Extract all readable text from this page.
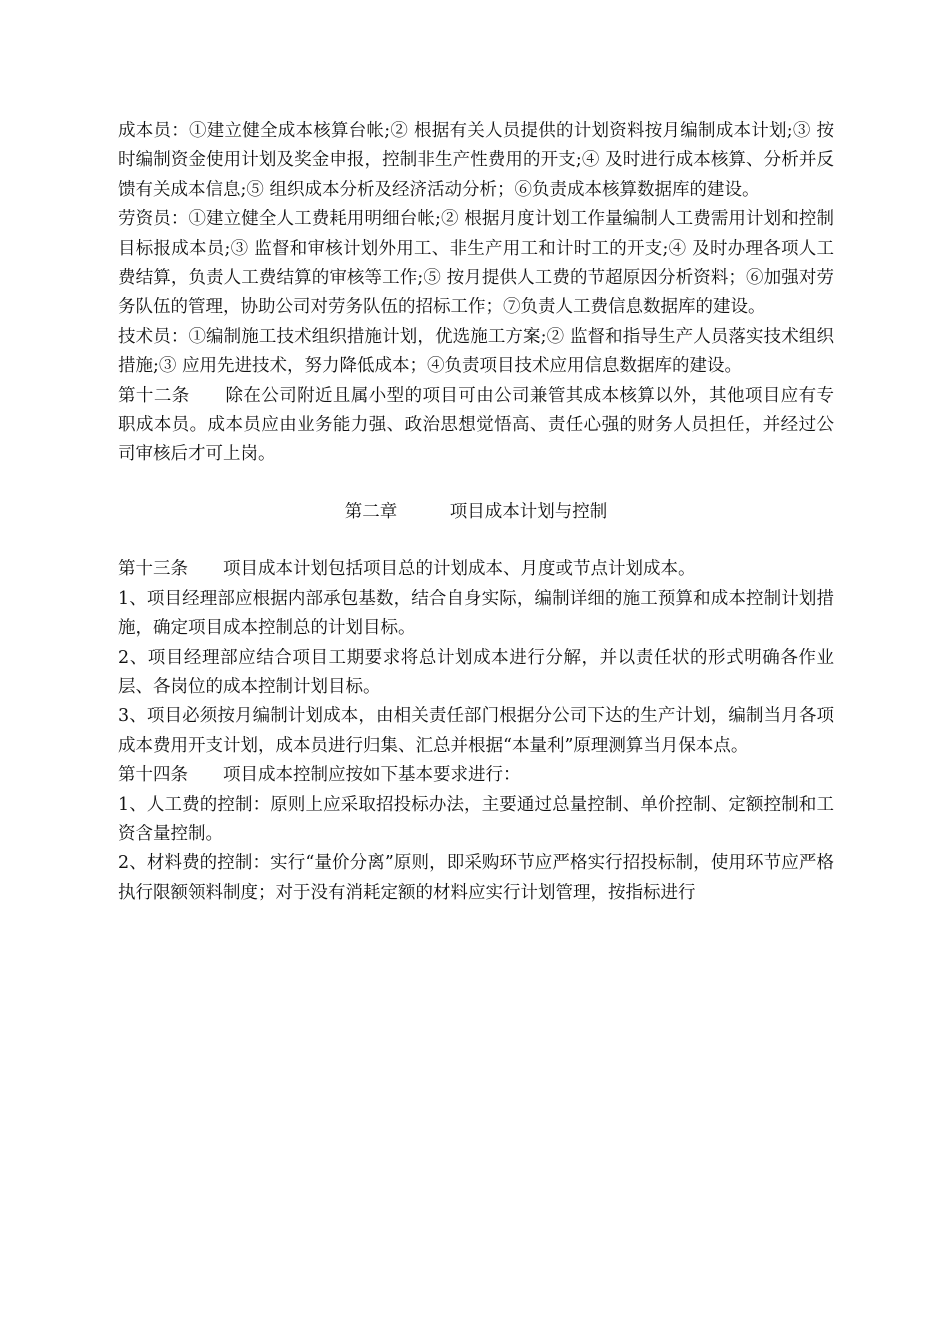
成本员：①建立健全成本核算台帐;② 根据有关人员提供的计划资料按月编制成本计划;③ 按时编制资金使用计划及奖金申报，控制非生产性费用的开支;④ 及时进行成本核算、分析并反馈有关成本信息;⑤ 组织成本分析及经济活动分析；⑥负责成本核算数据库的建设。

劳资员：①建立健全人工费耗用明细台帐;② 根据月度计划工作量编制人工费需用计划和控制目标报成本员;③ 监督和审核计划外用工、非生产用工和计时工的开支;④ 及时办理各项人工费结算，负责人工费结算的审核等工作;⑤ 按月提供人工费的节超原因分析资料；⑥加强对劳务队伍的管理，协助公司对劳务队伍的招标工作；⑦负责人工费信息数据库的建设。

技术员：①编制施工技术组织措施计划，优选施工方案;② 监督和指导生产人员落实技术组织措施;③ 应用先进技术，努力降低成本；④负责项目技术应用信息数据库的建设。

第十二条　　除在公司附近且属小型的项目可由公司兼管其成本核算以外，其他项目应有专职成本员。成本员应由业务能力强、政治思想觉悟高、责任心强的财务人员担任，并经过公司审核后才可上岗。

第二章　　　项目成本计划与控制

第十三条　　项目成本计划包括项目总的计划成本、月度或节点计划成本。

1、项目经理部应根据内部承包基数，结合自身实际，编制详细的施工预算和成本控制计划措施，确定项目成本控制总的计划目标。

2、项目经理部应结合项目工期要求将总计划成本进行分解，并以责任状的形式明确各作业层、各岗位的成本控制计划目标。

3、项目必须按月编制计划成本，由相关责任部门根据分公司下达的生产计划，编制当月各项成本费用开支计划，成本员进行归集、汇总并根据“本量利”原理测算当月保本点。

第十四条　　项目成本控制应按如下基本要求进行：

1、人工费的控制：原则上应采取招投标办法，主要通过总量控制、单价控制、定额控制和工资含量控制。

2、材料费的控制：实行“量价分离”原则，即采购环节应严格实行招投标制，使用环节应严格执行限额领料制度；对于没有消耗定额的材料应实行计划管理，按指标进行
